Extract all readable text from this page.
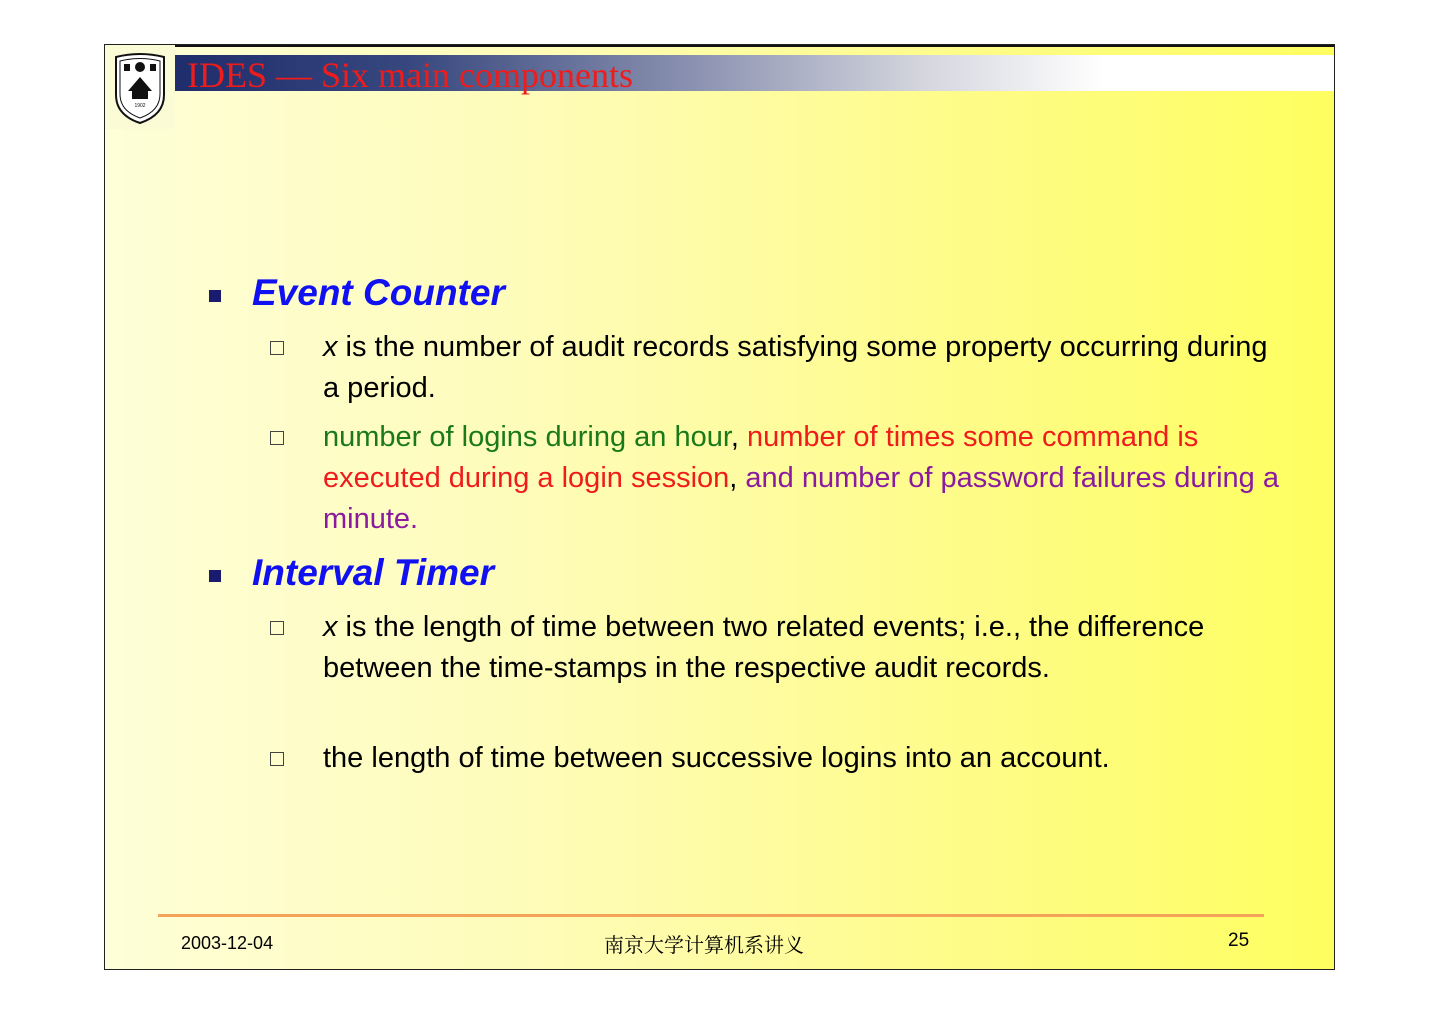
1902
IDES — Six main components
Event Counter

x is the number of audit records satisfying some property occurring during a period.

number of logins during an hour, number of times some command is executed during a login session, and number of password failures during a minute.

Interval Timer

x is the length of time between two related events; i.e., the difference between the time-stamps in the respective audit records.

the length of time between successive logins into an account.

2003-12-04	南京大学计算机系讲义	25
